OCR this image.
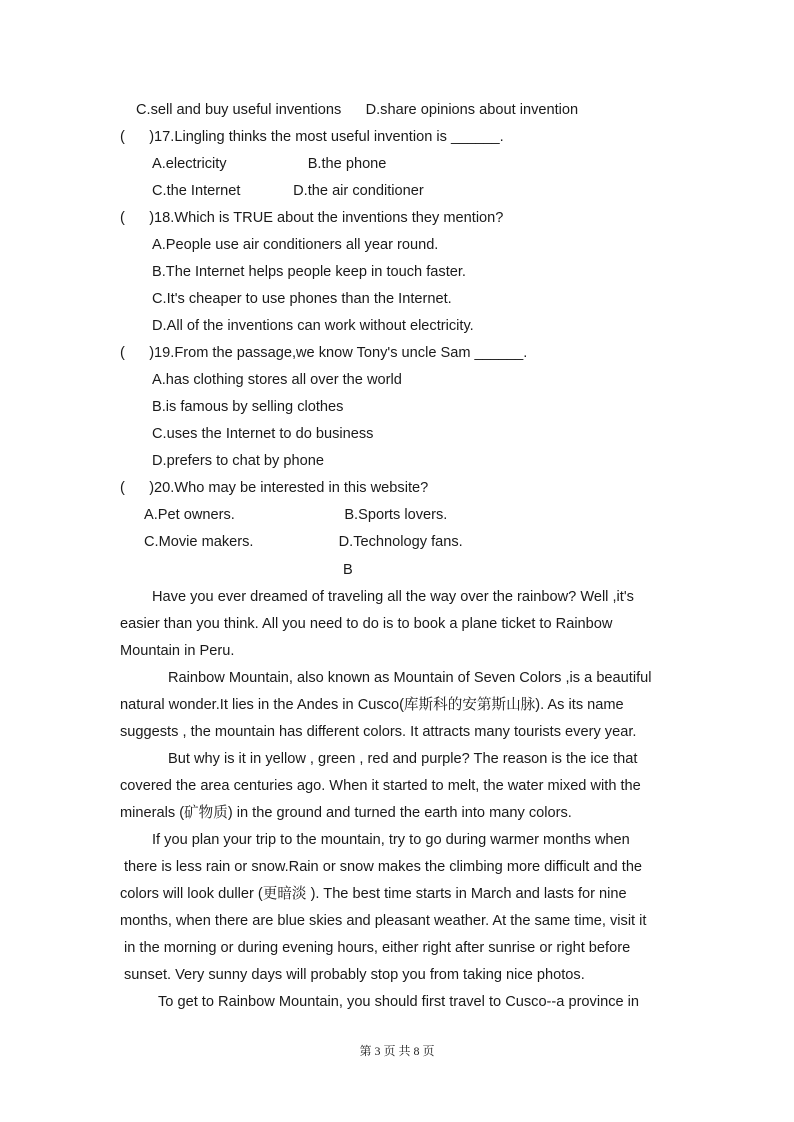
C.sell and buy useful inventions      D.share opinions about invention

(      )17.Lingling thinks the most useful invention is ______.

A.electricity                    B.the phone

C.the Internet             D.the air conditioner

(      )18.Which is TRUE about the inventions they mention?

A.People use air conditioners all year round.

B.The Internet helps people keep in touch faster.

C.It's cheaper to use phones than the Internet.

D.All of the inventions can work without electricity.

(      )19.From the passage,we know Tony's uncle Sam ______.

A.has clothing stores all over the world

B.is famous by selling clothes

C.uses the Internet to do business

D.prefers to chat by phone

(      )20.Who may be interested in this website?

A.Pet owners.                           B.Sports lovers.

C.Movie makers.                     D.Technology fans.

B

Have you ever dreamed of traveling all the way over the rainbow? Well ,it's

easier than you think. All you need to do is to book a plane ticket to Rainbow

Mountain in Peru.

Rainbow Mountain, also known as Mountain of Seven Colors ,is a beautiful

natural wonder.It lies in the Andes in Cusco(库斯科的安第斯山脉). As its name

suggests , the mountain has different colors. It attracts many tourists every year.

But why is it in yellow , green , red and purple? The reason is the ice that

covered the area centuries ago. When it started to melt, the water mixed with the

minerals (矿物质) in the ground and turned the earth into many colors.

If you plan your trip to the mountain, try to go during warmer months when

there is less rain or snow.Rain or snow makes the climbing more difficult and the

colors will look duller (更暗淡 ). The best time starts in March and lasts for nine

months, when there are blue skies and pleasant weather. At the same time, visit it

in the morning or during evening hours, either right after sunrise or right before

sunset. Very sunny days will probably stop you from taking nice photos.

To get to Rainbow Mountain, you should first travel to Cusco--a province in

第 3 页 共 8 页
